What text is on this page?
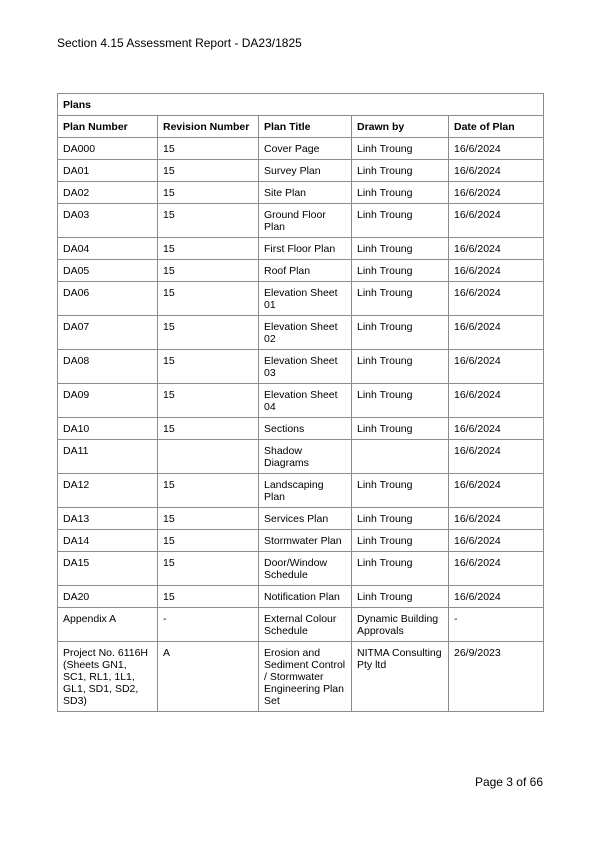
Section 4.15 Assessment Report - DA23/1825
Plans				
Plan Number	Revision Number	Plan Title	Drawn by	Date of Plan
DA000	15	Cover Page	Linh Troung	16/6/2024
DA01	15	Survey Plan	Linh Troung	16/6/2024
DA02	15	Site Plan	Linh Troung	16/6/2024
DA03	15	Ground Floor Plan	Linh Troung	16/6/2024
DA04	15	First Floor Plan	Linh Troung	16/6/2024
DA05	15	Roof Plan	Linh Troung	16/6/2024
DA06	15	Elevation Sheet 01	Linh Troung	16/6/2024
DA07	15	Elevation Sheet 02	Linh Troung	16/6/2024
DA08	15	Elevation Sheet 03	Linh Troung	16/6/2024
DA09	15	Elevation Sheet 04	Linh Troung	16/6/2024
DA10	15	Sections	Linh Troung	16/6/2024
DA11		Shadow Diagrams		16/6/2024
DA12	15	Landscaping Plan	Linh Troung	16/6/2024
DA13	15	Services Plan	Linh Troung	16/6/2024
DA14	15	Stormwater Plan	Linh Troung	16/6/2024
DA15	15	Door/Window Schedule	Linh Troung	16/6/2024
DA20	15	Notification Plan	Linh Troung	16/6/2024
Appendix A	-	External Colour Schedule	Dynamic Building Approvals	-
Project No. 6116H (Sheets GN1, SC1, RL1, 1L1, GL1, SD1, SD2, SD3)	A	Erosion and Sediment Control / Stormwater Engineering Plan Set	NITMA Consulting Pty ltd	26/9/2023
Page 3 of 66
